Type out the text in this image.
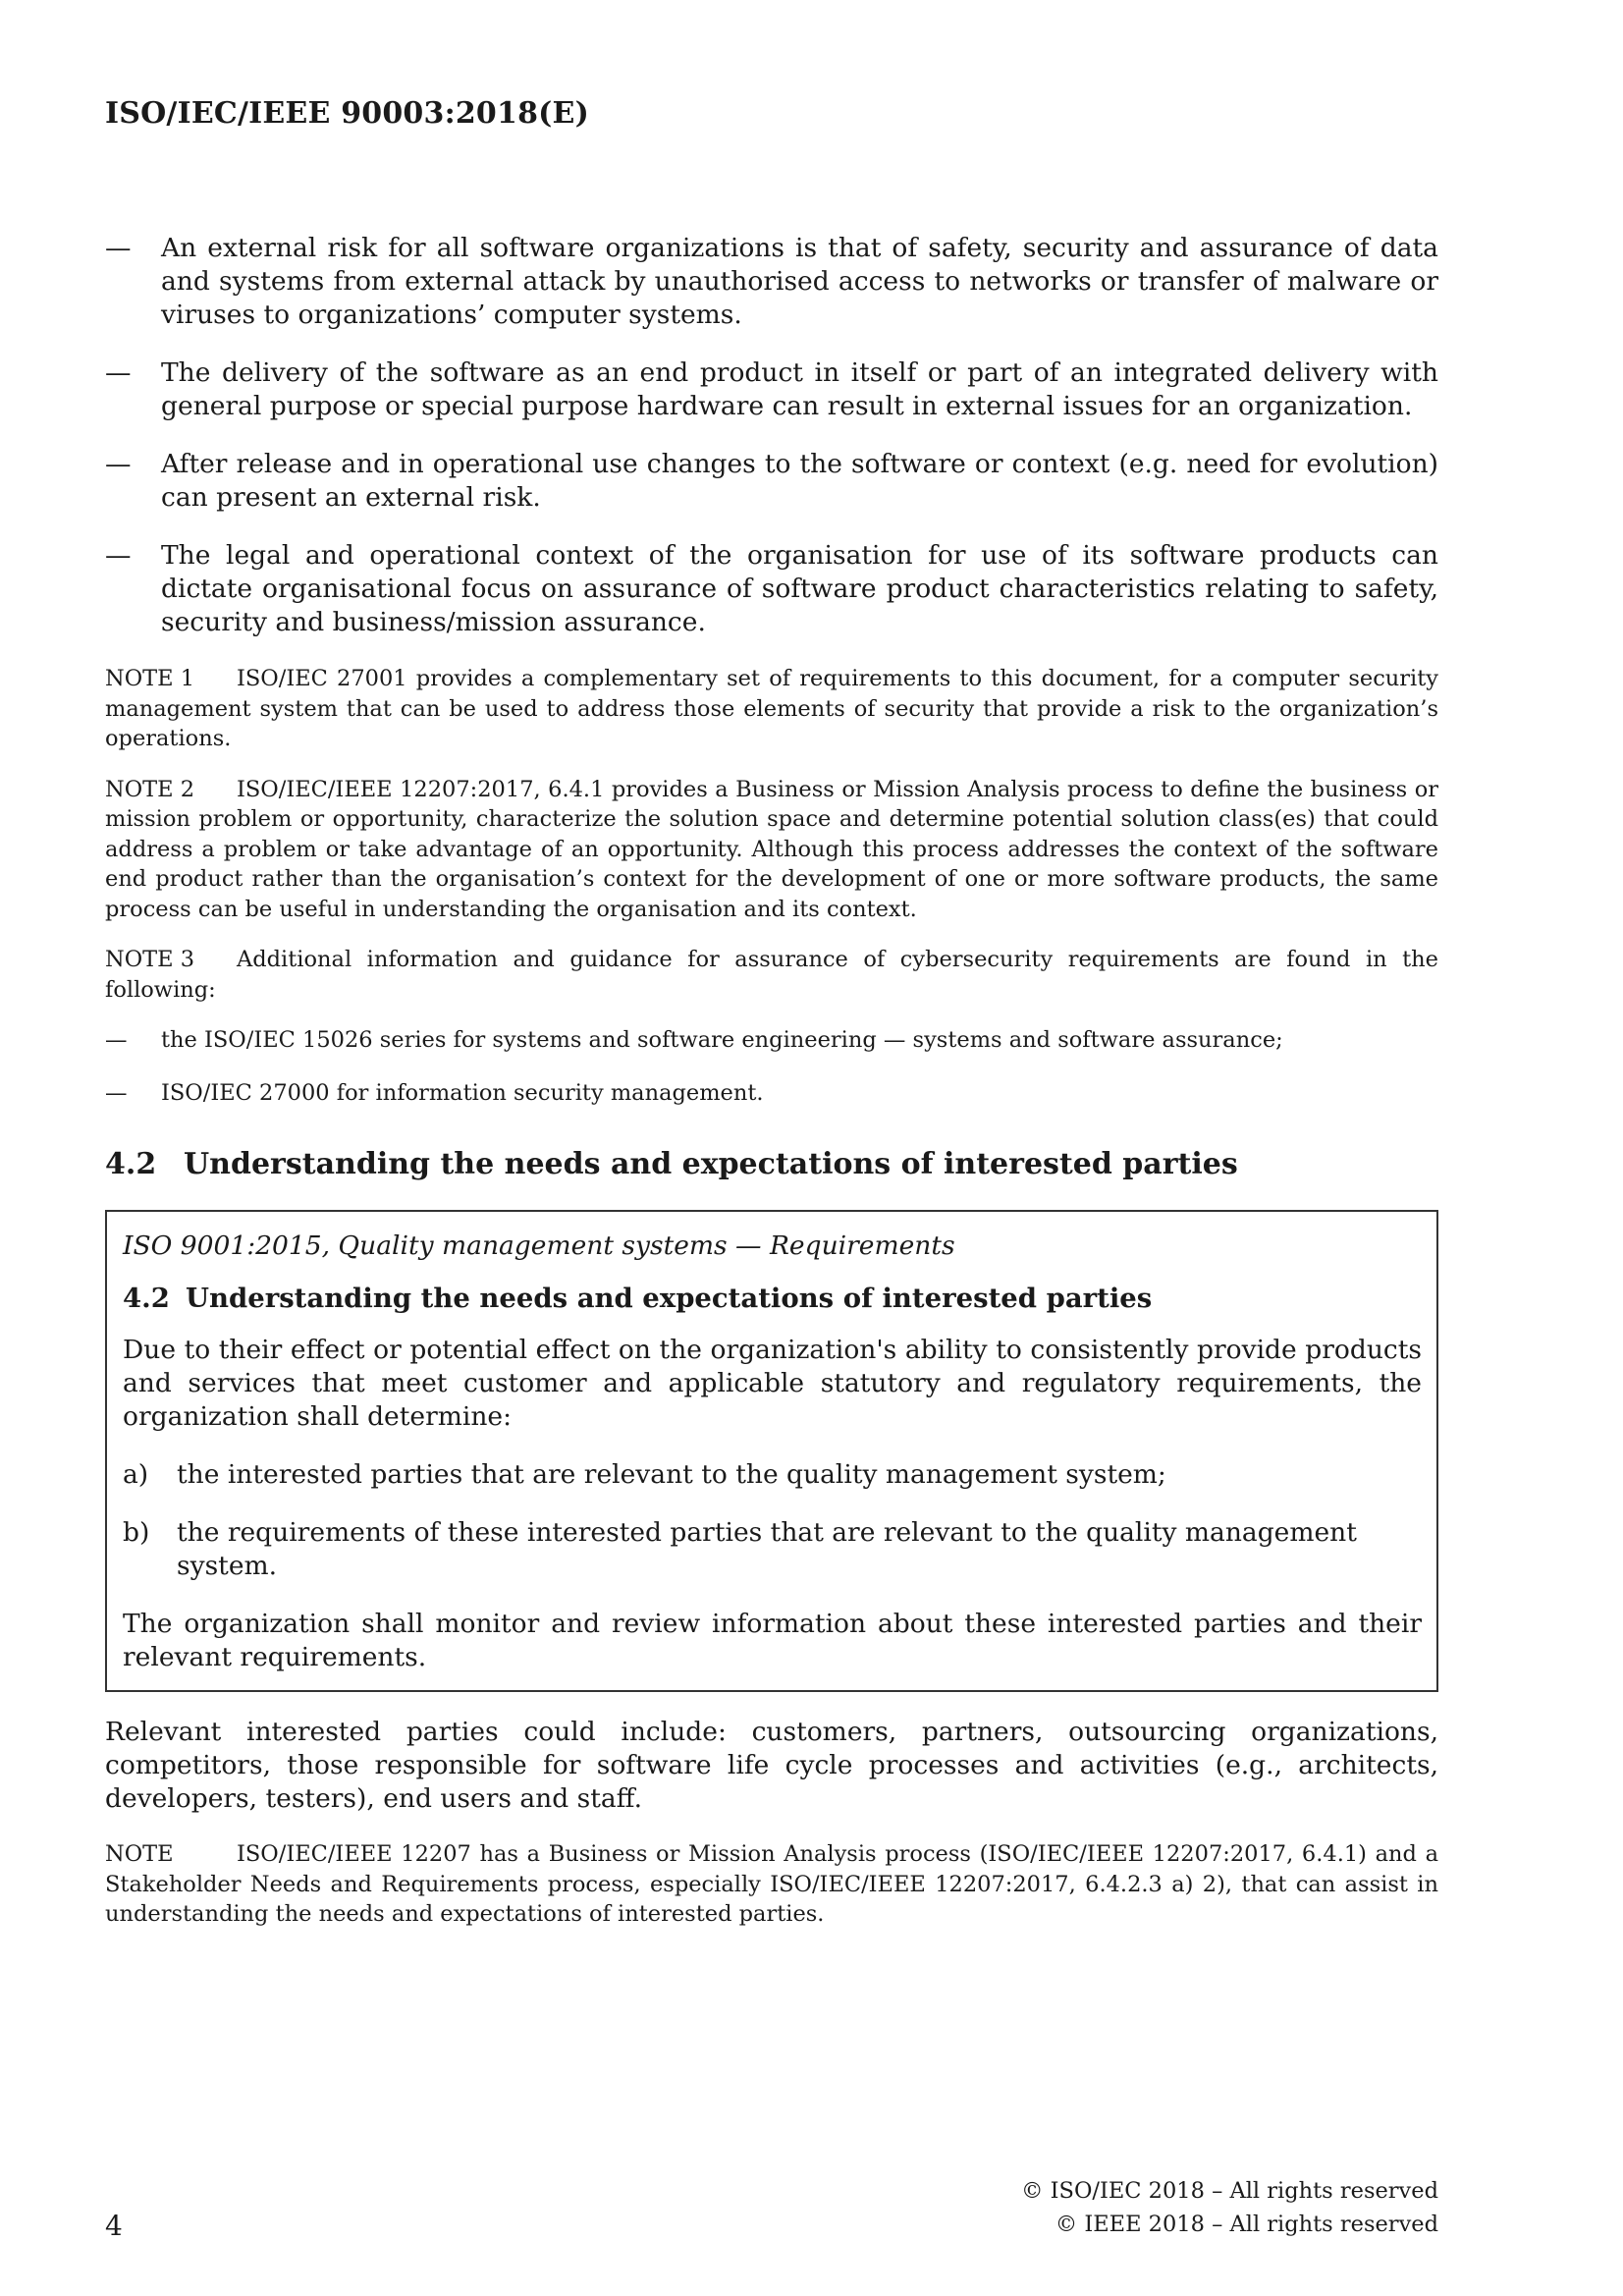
ISO/IEC/IEEE 90003:2018(E)
— An external risk for all software organizations is that of safety, security and assurance of data and systems from external attack by unauthorised access to networks or transfer of malware or viruses to organizations’ computer systems.
— The delivery of the software as an end product in itself or part of an integrated delivery with general purpose or special purpose hardware can result in external issues for an organization.
— After release and in operational use changes to the software or context (e.g. need for evolution) can present an external risk.
— The legal and operational context of the organisation for use of its software products can dictate organisational focus on assurance of software product characteristics relating to safety, security and business/mission assurance.
NOTE 1 ISO/IEC 27001 provides a complementary set of requirements to this document, for a computer security management system that can be used to address those elements of security that provide a risk to the organization’s operations.
NOTE 2 ISO/IEC/IEEE 12207:2017, 6.4.1 provides a Business or Mission Analysis process to define the business or mission problem or opportunity, characterize the solution space and determine potential solution class(es) that could address a problem or take advantage of an opportunity. Although this process addresses the context of the software end product rather than the organisation’s context for the development of one or more software products, the same process can be useful in understanding the organisation and its context.
NOTE 3 Additional information and guidance for assurance of cybersecurity requirements are found in the following:
— the ISO/IEC 15026 series for systems and software engineering — systems and software assurance;
— ISO/IEC 27000 for information security management.
4.2 Understanding the needs and expectations of interested parties
ISO 9001:2015, Quality management systems — Requirements
4.2 Understanding the needs and expectations of interested parties
Due to their effect or potential effect on the organization's ability to consistently provide products and services that meet customer and applicable statutory and regulatory requirements, the organization shall determine:
a) the interested parties that are relevant to the quality management system;
b) the requirements of these interested parties that are relevant to the quality management system.
The organization shall monitor and review information about these interested parties and their relevant requirements.
Relevant interested parties could include: customers, partners, outsourcing organizations, competitors, those responsible for software life cycle processes and activities (e.g., architects, developers, testers), end users and staff.
NOTE	ISO/IEC/IEEE 12207 has a Business or Mission Analysis process (ISO/IEC/IEEE 12207:2017, 6.4.1) and a Stakeholder Needs and Requirements process, especially ISO/IEC/IEEE 12207:2017, 6.4.2.3 a) 2), that can assist in understanding the needs and expectations of interested parties.
4
© ISO/IEC 2018 – All rights reserved
© IEEE 2018 – All rights reserved
